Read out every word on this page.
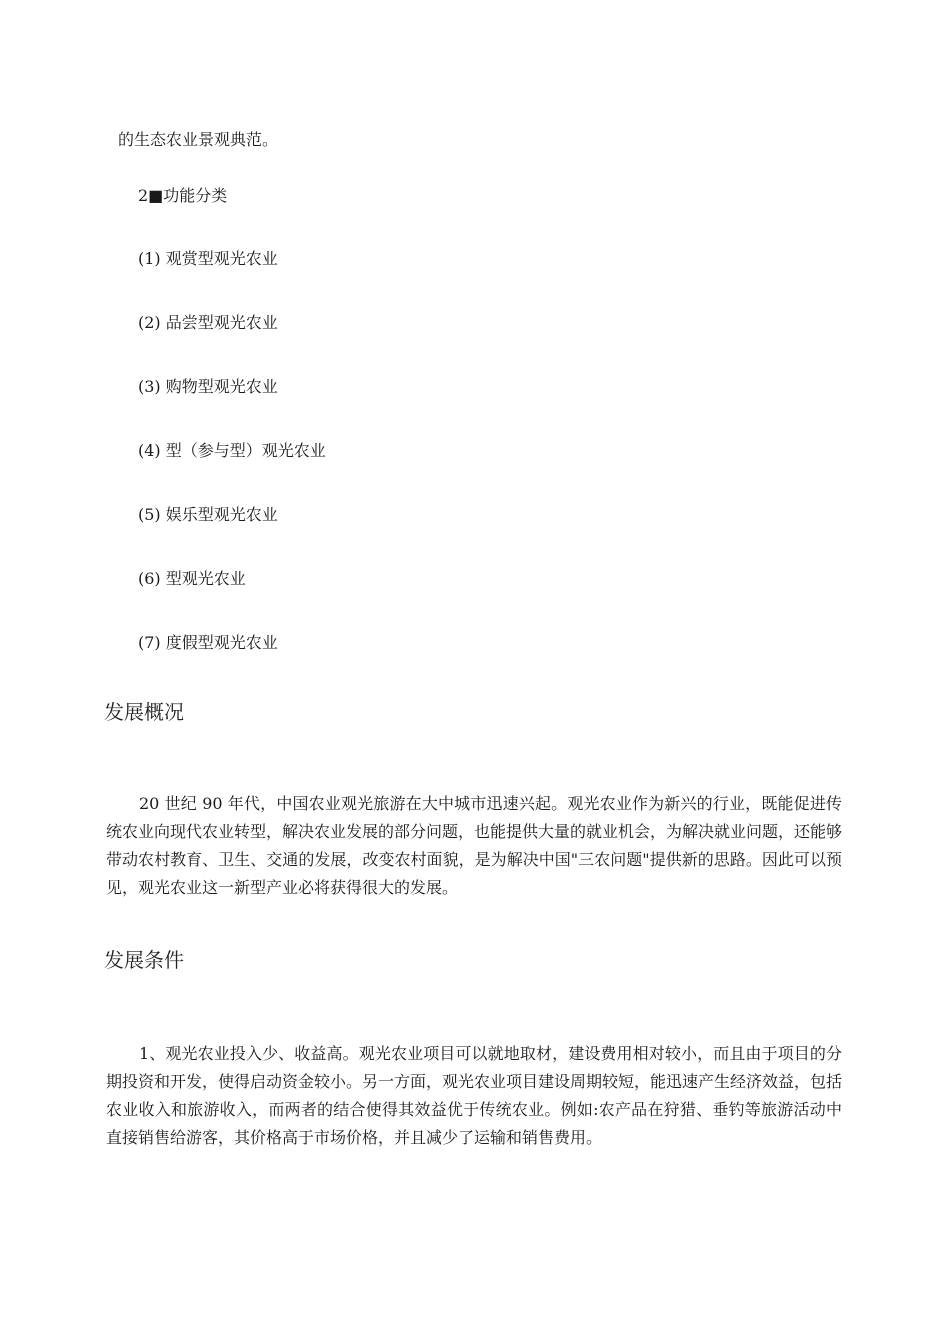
的生态农业景观典范。
2■功能分类
(1) 观赏型观光农业
(2) 品尝型观光农业
(3) 购物型观光农业
(4) 型（参与型）观光农业
(5) 娱乐型观光农业
(6) 型观光农业
(7) 度假型观光农业
发展概况

20 世纪 90 年代，中国农业观光旅游在大中城市迅速兴起。观光农业作为新兴的行业，既能促进传统农业向现代农业转型，解决农业发展的部分问题，也能提供大量的就业机会，为解决就业问题，还能够带动农村教育、卫生、交通的发展，改变农村面貌，是为解决中国"三农问题"提供新的思路。因此可以预见，观光农业这一新型产业必将获得很大的发展。

发展条件

1、观光农业投入少、收益高。观光农业项目可以就地取材，建设费用相对较小，而且由于项目的分期投资和开发，使得启动资金较小。另一方面，观光农业项目建设周期较短，能迅速产生经济效益，包括农业收入和旅游收入，而两者的结合使得其效益优于传统农业。例如:农产品在狩猎、垂钓等旅游活动中直接销售给游客，其价格高于市场价格，并且减少了运输和销售费用。
